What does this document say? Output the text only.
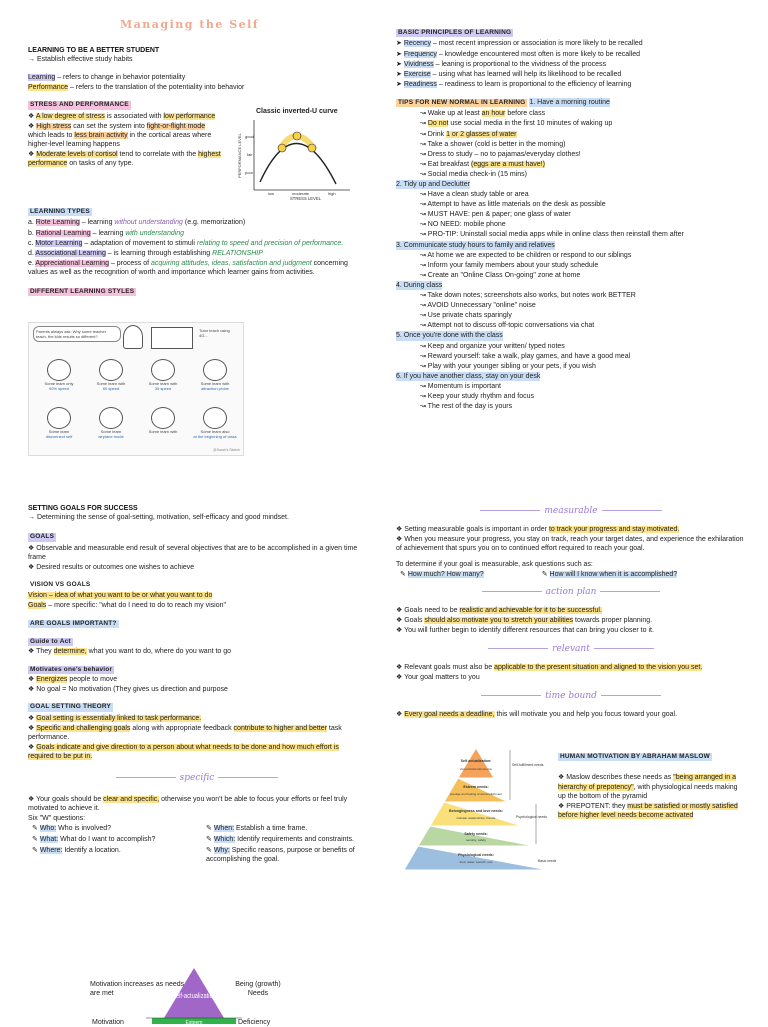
Managing the Self
LEARNING TO BE A BETTER STUDENT

→ Establish effective study habits

Learning – refers to change in behavior potentiality

Performance – refers to the translation of the potentiality into behavior

STRESS AND PERFORMANCE

❖ A low degree of stress is associated with low performance

❖ High stress can set the system into fight-or-flight mode which leads to less brain activity in the cortical areas where higher-level learning happens

❖ Moderate levels of cortisol tend to correlate with the highest performance on tasks of any type.

Classic inverted-U curve
PERFORMANCE LEVEL
STRESS LEVEL
good
fair
poor
low	moderate	high
LEARNING TYPES

a. Rote Learning – learning without understanding (e.g. memorization)

b. Rational Learning – learning with understanding

c. Motor Learning – adaptation of movement to stimuli relating to speed and precision of performance.

d. Associational Learning – is learning through establishing RELATIONSHIP

e. Appreciational Learning – process of acquiring attitudes, ideas, satisfaction and judgment concerning values as well as the recognition of worth and importance which learner gains from activities.

DIFFERENT LEARNING STYLES
Parents always ask: Why some teacher teach, the kids results so different?
Tutor teach using 4G...
Some learn only
90% speed
Some learn with
60 speed
Some learn with
30 speed
Some learn with
attraction probe
Some learn
disconnect self
Some learn
airplane mode
Some learn with	Some learn also
at the beginning of class
@Sarah's Sketch
BASIC PRINCIPLES OF LEARNING

➤ Recency – most recent impression or association is more likely to be recalled

➤ Frequency – knowledge encountered most often is more likely to be recalled

➤ Vividness – leaning is proportional to the vividness of the process

➤ Exercise – using what has learned will help its likelihood to be recalled

➤ Readiness – readiness to learn is proportional to the efficiency of learning

TIPS FOR NEW NORMAL IN LEARNING 1. Have a morning routine

↝ Wake up at least an hour before class

↝ Do not use social media in the first 10 minutes of waking up

↝ Drink 1 or 2 glasses of water

↝ Take a shower (cold is better in the morning)

↝ Dress to study – no to pajamas/everyday clothes!

↝ Eat breakfast (eggs are a must have!)

↝ Social media check-in (15 mins)

2. Tidy up and Declutter

↝ Have a clean study table or area

↝ Attempt to have as little materials on the desk as possible

↝ MUST HAVE: pen & paper; one glass of water

↝ NO NEED: mobile phone

↝ PRO-TIP: Uninstall social media apps while in online class then reinstall them after

3. Communicate study hours to family and relatives

↝ At home we are expected to be children or respond to our siblings

↝ Inform your family members about your study schedule

↝ Create an "Online Class On-going" zone at home

4. During class

↝ Take down notes; screenshots also works, but notes work BETTER

↝ AVOID Unnecessary "online" noise

↝ Use private chats sparingly

↝ Attempt not to discuss off-topic conversations via chat

5. Once you're done with the class

↝ Keep and organize your written/ typed notes

↝ Reward yourself: take a walk, play games, and have a good meal

↝ Play with your younger sibling or your pets, if you wish

6. If you have another class, stay on your desk

↝ Momentum is important

↝ Keep your study rhythm and focus

↝ The rest of the day is yours

SETTING GOALS FOR SUCCESS

→ Determining the sense of goal-setting, motivation, self-efficacy and good mindset.

GOALS

❖ Observable and measurable end result of several objectives that are to be accomplished in a given time frame

❖ Desired results or outcomes one wishes to achieve

VISION VS GOALS

Vision – idea of what you want to be or what you want to do

Goals – more specific: "what do I need to do to reach my vision"

ARE GOALS IMPORTANT?
Guide to Act

❖ They determine, what you want to do, where do you want to go

Motivates one's behavior

❖ Energizes people to move

❖ No goal = No motivation (They gives us direction and purpose

GOAL SETTING THEORY

❖ Goal setting is essentially linked to task performance.

❖ Specific and challenging goals along with appropriate feedback contribute to higher and better task performance.

❖ Goals indicate and give direction to a person about what needs to be done and how much effort is required to be put in.

specific

❖ Your goals should be clear and specific, otherwise you won't be able to focus your efforts or feel truly motivated to achieve it.

Six "W" questions:

✎ Who: Who is involved?	✎ When: Establish a time frame.

✎ What: What do I want to accomplish?	✎ Which: Identify requirements and constraints.

✎ Where: Identify a location.	✎ Why: Specific reasons, purpose or benefits of accomplishing the goal.

measurable

❖ Setting measurable goals is important in order to track your progress and stay motivated.

❖ When you measure your progress, you stay on track, reach your target dates, and experience the exhilaration of achievement that spurs you on to continued effort required to reach your goal.

To determine if your goal is measurable, ask questions such as:

✎ How much? How many?	✎ How will I know when it is accomplished?

action plan

❖ Goals need to be realistic and achievable for it to be successful.

❖ Goals should also motivate you to stretch your abilities towards proper planning.

❖ You will further begin to identify different resources that can bring you closer to it.

relevant

❖ Relevant goals must also be applicable to the present situation and aligned to the vision you set.

❖ Your goal matters to you

time bound

❖ Every goal needs a deadline, this will motivate you and help you focus toward your goal.

Self-actualization:
achieving one's full potential, including creative activities
Esteem needs:
prestige and feeling of accomplishment
Belongingness and love needs:
intimate relationships, friends
Safety needs:
security, safety
Physiological needs:
food, water, warmth, rest
Self-fulfillment needs
Psychological needs
Basic needs
HUMAN MOTIVATION BY ABRAHAM MASLOW

❖ Maslow describes these needs as "being arranged in a hierarchy of prepotency", with physiological needs making up the bottom of the pyramid

❖ PREPOTENT: they must be satisfied or mostly satisfied before higher level needs become activated

Motivation increases as needs are met
Motivation
Self-actualization
Esteem
Being (growth) Needs
Deficiency
